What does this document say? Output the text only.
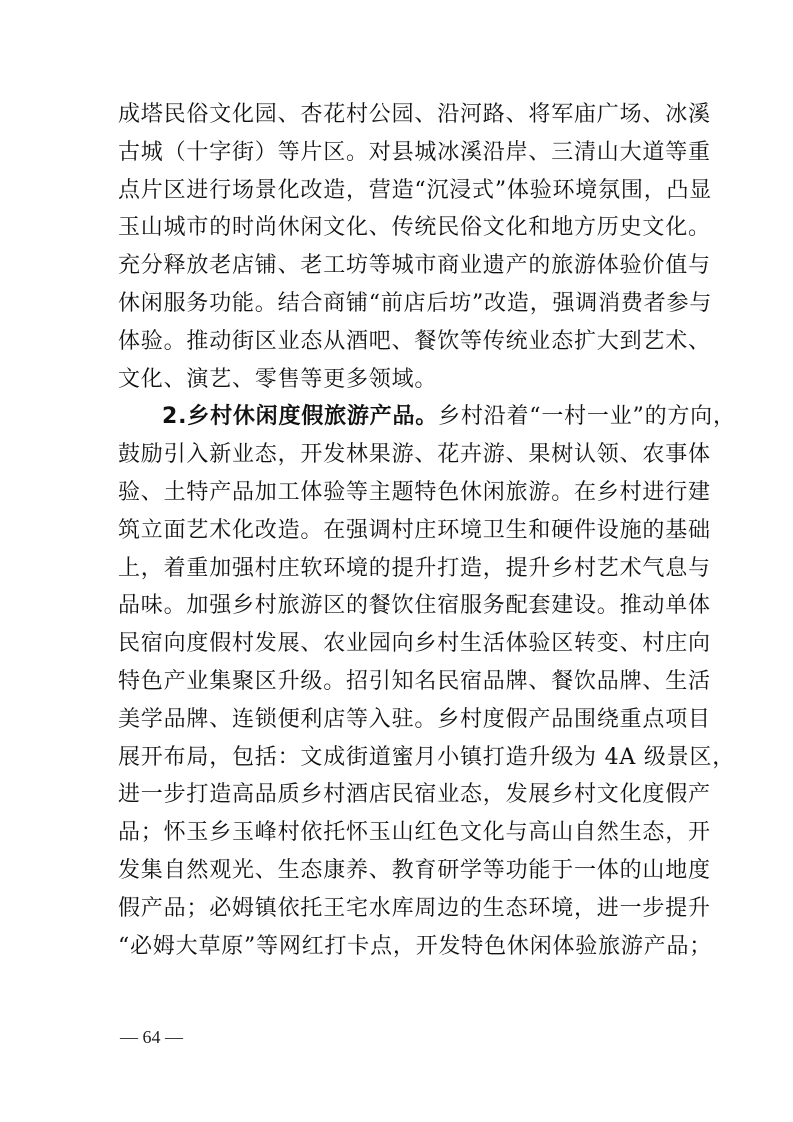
成塔民俗文化园、杏花村公园、沿河路、将军庙广场、冰溪
古城（十字街）等片区。对县城冰溪沿岸、三清山大道等重
点片区进行场景化改造，营造“沉浸式”体验环境氛围，凸显
玉山城市的时尚休闲文化、传统民俗文化和地方历史文化。
充分释放老店铺、老工坊等城市商业遗产的旅游体验价值与
休闲服务功能。结合商铺“前店后坊”改造，强调消费者参与
体验。推动街区业态从酒吧、餐饮等传统业态扩大到艺术、
文化、演艺、零售等更多领域。
2.乡村休闲度假旅游产品。乡村沿着“一村一业”的方向，
鼓励引入新业态，开发林果游、花卉游、果树认领、农事体
验、土特产品加工体验等主题特色休闲旅游。在乡村进行建
筑立面艺术化改造。在强调村庄环境卫生和硬件设施的基础
上，着重加强村庄软环境的提升打造，提升乡村艺术气息与
品味。加强乡村旅游区的餐饮住宿服务配套建设。推动单体
民宿向度假村发展、农业园向乡村生活体验区转变、村庄向
特色产业集聚区升级。招引知名民宿品牌、餐饮品牌、生活
美学品牌、连锁便利店等入驻。乡村度假产品围绕重点项目
展开布局，包括：文成街道蜜月小镇打造升级为 4A 级景区，
进一步打造高品质乡村酒店民宿业态，发展乡村文化度假产
品；怀玉乡玉峰村依托怀玉山红色文化与高山自然生态，开
发集自然观光、生态康养、教育研学等功能于一体的山地度
假产品；必姆镇依托王宅水库周边的生态环境，进一步提升
“必姆大草原”等网红打卡点，开发特色休闲体验旅游产品；
— 64 —
